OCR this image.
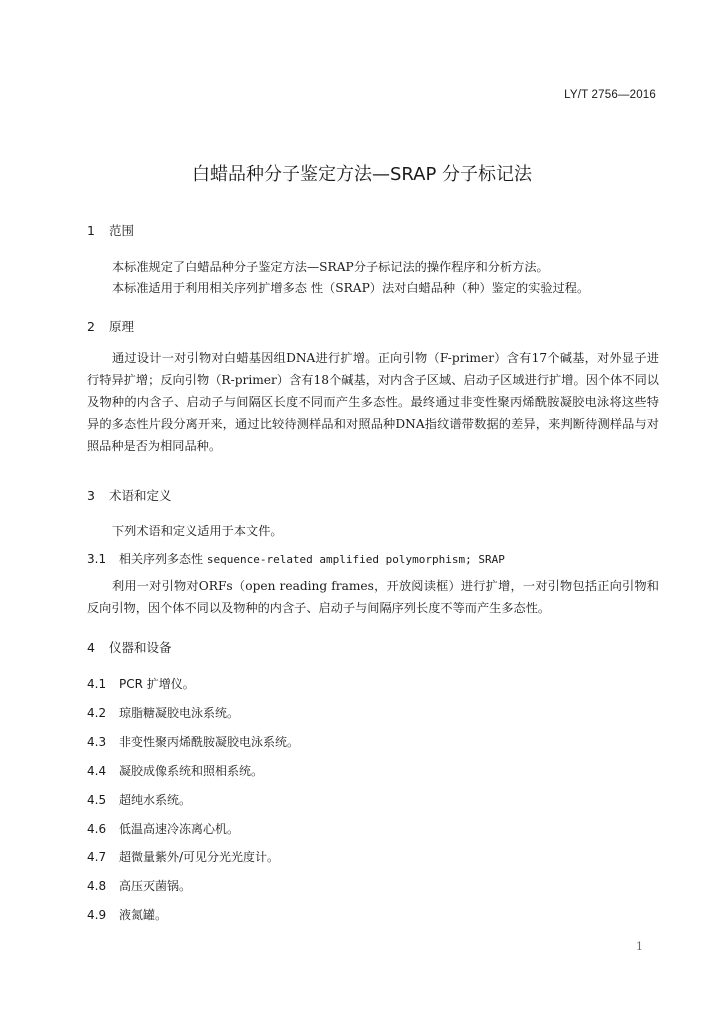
LY/T 2756—2016
白蜡品种分子鉴定方法—SRAP 分子标记法
1 范围
本标准规定了白蜡品种分子鉴定方法—SRAP分子标记法的操作程序和分析方法。
本标准适用于利用相关序列扩增多态 性（SRAP）法对白蜡品种（种）鉴定的实验过程。
2 原理
通过设计一对引物对白蜡基因组DNA进行扩增。正向引物（F-primer）含有17个碱基，对外显子进行特异扩增；反向引物（R-primer）含有18个碱基，对内含子区域、启动子区域进行扩增。因个体不同以及物种的内含子、启动子与间隔区长度不同而产生多态性。最终通过非变性聚丙烯酰胺凝胶电泳将这些特异的多态性片段分离开来，通过比较待测样品和对照品种DNA指纹谱带数据的差异，来判断待测样品与对照品种是否为相同品种。
3 术语和定义
下列术语和定义适用于本文件。
3.1 相关序列多态性 sequence-related amplified polymorphism; SRAP
利用一对引物对ORFs（open reading frames，开放阅读框）进行扩增，一对引物包括正向引物和反向引物，因个体不同以及物种的内含子、启动子与间隔序列长度不等而产生多态性。
4 仪器和设备
4.1 PCR 扩增仪。
4.2 琼脂糖凝胶电泳系统。
4.3 非变性聚丙烯酰胺凝胶电泳系统。
4.4 凝胶成像系统和照相系统。
4.5 超纯水系统。
4.6 低温高速冷冻离心机。
4.7 超微量紫外/可见分光光度计。
4.8 高压灭菌锅。
4.9 液氮罐。
1
